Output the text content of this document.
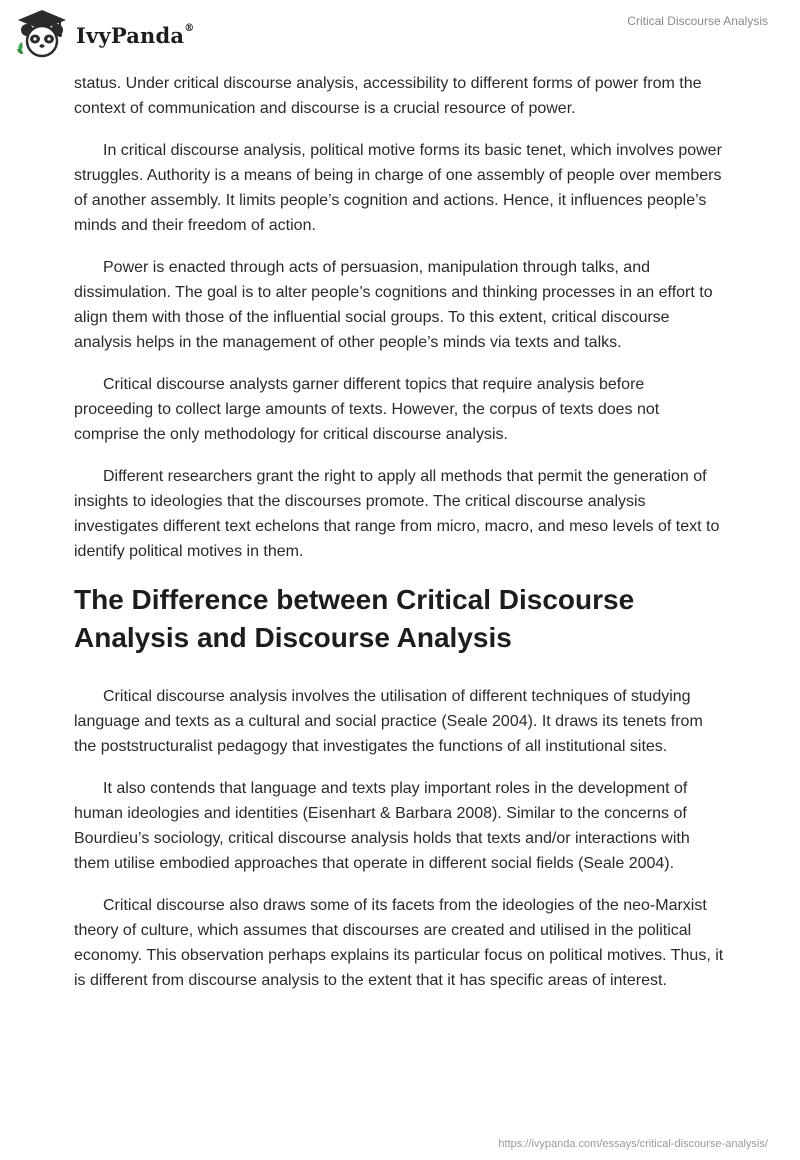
IvyPanda®	Critical Discourse Analysis

status. Under critical discourse analysis, accessibility to different forms of power from the context of communication and discourse is a crucial resource of power.

In critical discourse analysis, political motive forms its basic tenet, which involves power struggles. Authority is a means of being in charge of one assembly of people over members of another assembly. It limits people’s cognition and actions. Hence, it influences people’s minds and their freedom of action.

Power is enacted through acts of persuasion, manipulation through talks, and dissimulation. The goal is to alter people’s cognitions and thinking processes in an effort to align them with those of the influential social groups. To this extent, critical discourse analysis helps in the management of other people’s minds via texts and talks.

Critical discourse analysts garner different topics that require analysis before proceeding to collect large amounts of texts. However, the corpus of texts does not comprise the only methodology for critical discourse analysis.

Different researchers grant the right to apply all methods that permit the generation of insights to ideologies that the discourses promote. The critical discourse analysis investigates different text echelons that range from micro, macro, and meso levels of text to identify political motives in them.

The Difference between Critical Discourse Analysis and Discourse Analysis

Critical discourse analysis involves the utilisation of different techniques of studying language and texts as a cultural and social practice (Seale 2004). It draws its tenets from the poststructuralist pedagogy that investigates the functions of all institutional sites.

It also contends that language and texts play important roles in the development of human ideologies and identities (Eisenhart & Barbara 2008). Similar to the concerns of Bourdieu’s sociology, critical discourse analysis holds that texts and/or interactions with them utilise embodied approaches that operate in different social fields (Seale 2004).

Critical discourse also draws some of its facets from the ideologies of the neo-Marxist theory of culture, which assumes that discourses are created and utilised in the political economy. This observation perhaps explains its particular focus on political motives. Thus, it is different from discourse analysis to the extent that it has specific areas of interest.

https://ivypanda.com/essays/critical-discourse-analysis/
